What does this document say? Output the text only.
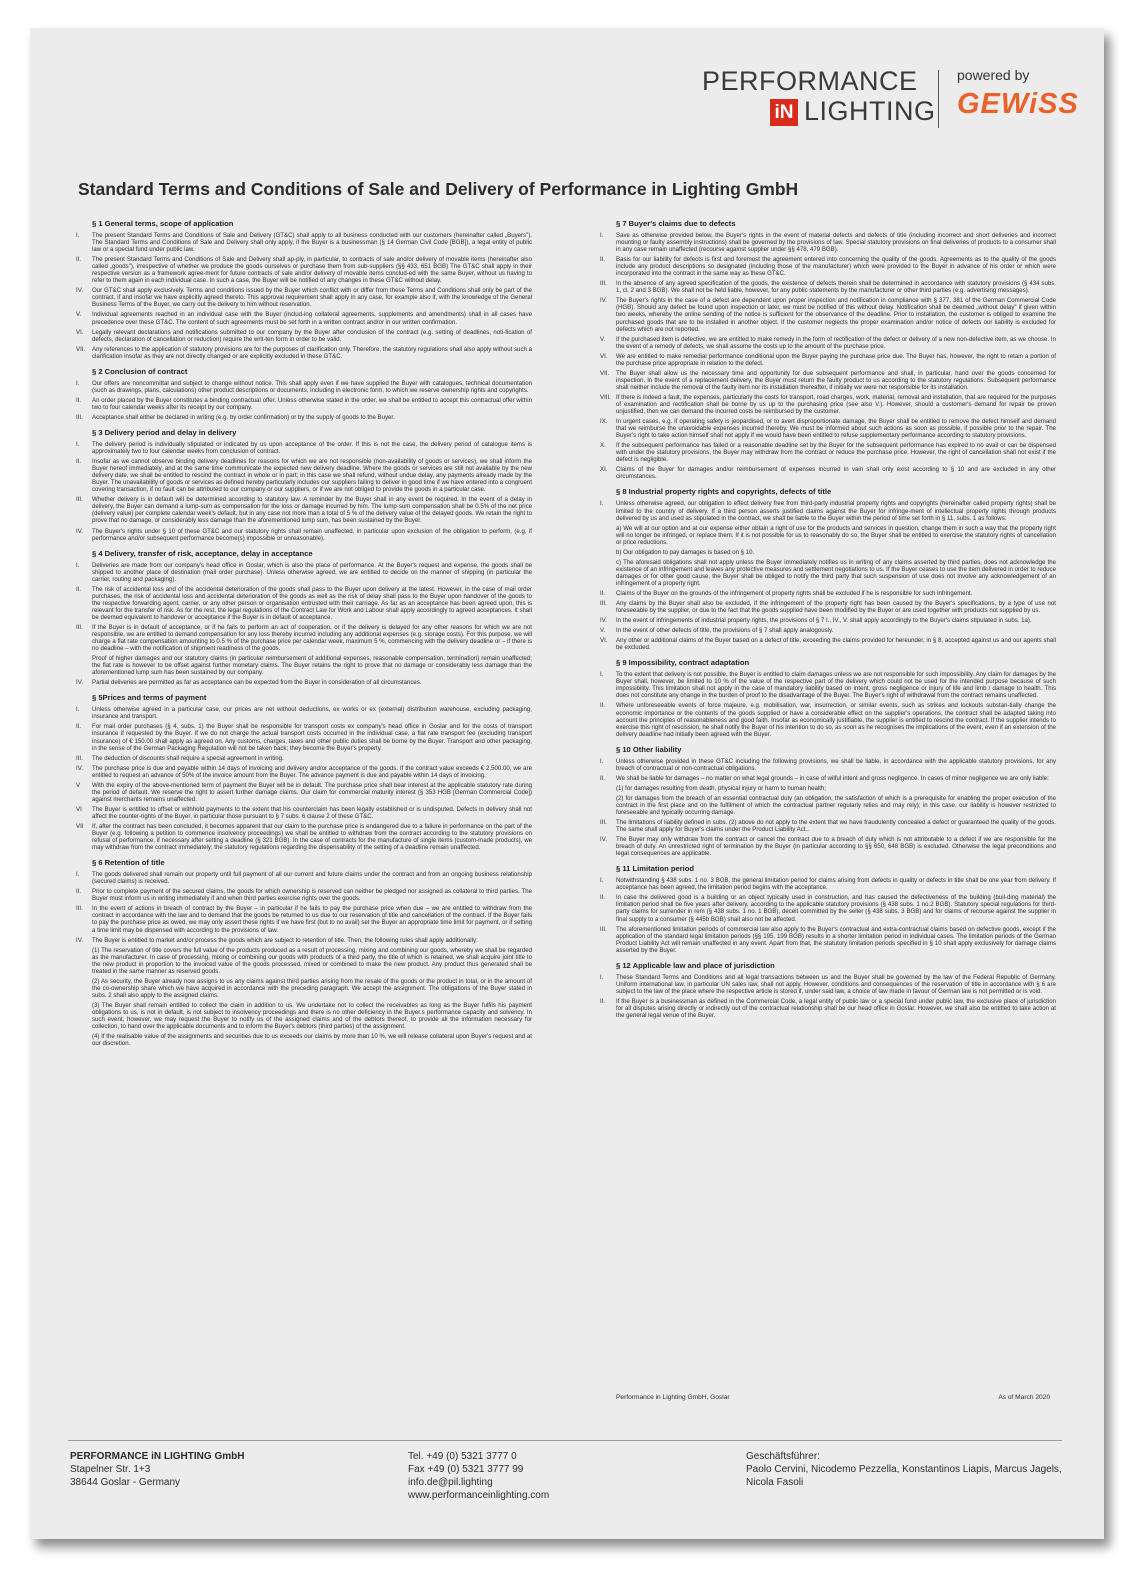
PERFORMANCE
iN LIGHTING
powered by
GEWiSS
Standard Terms and Conditions of Sale and Delivery of Performance in Lighting GmbH
§ 1 General terms, scope of application
I.	The present Standard Terms and Conditions of Sale and Delivery (GT&C) shall apply to all business conducted with our customers (hereinafter called „Buyers"). The Standard Terms and Conditions of Sale and Delivery shall only apply, if the Buyer is a businessman (§ 14 German Civil Code [BGB]), a legal entity of public law or a special fund under public law.
II.	The present Standard Terms and Conditions of Sale and Delivery shall ap-ply, in particular, to contracts of sale and/or delivery of movable items (hereinafter also called „goods"), irrespective of whether we produce the goods ourselves or purchase them from sub-suppliers (§§ 433, 651 BGB) The GT&C shall apply in their respective version as a framework agree-ment for future contracts of sale and/or delivery of movable items conclud-ed with the same Buyer, without us having to refer to them again in each individual case. In such a case, the Buyer will be notified of any changes in these GT&C without delay.
IV.	Our GT&C shall apply exclusively. Terms and conditions issued by the Buyer which conflict with or differ from these Terms and Conditions shall only be part of the contract, if and insofar we have explicitly agreed thereto. This approval requirement shall apply in any case, for example also if, with the knowledge of the General Business Terms of the Buyer, we carry out the delivery to him without reservation.
V.	Individual agreements reached in an individual case with the Buyer (includ-ing collateral agreements, supplements and amendments) shall in all cases have precedence over these GT&C. The content of such agreements must be set forth in a written contract and/or in our written confirmation.
VI.	Legally relevant declarations and notifications submitted to our company by the Buyer after conclusion of the contract (e.g. setting of deadlines, noti-fication of defects, declaration of cancellation or reduction) require the writ-ten form in order to be valid.
VII.	Any references to the application of statutory provisions are for the purposes of clarification only. Therefore, the statutory regulations shall also apply without such a clarification insofar as they are not directly changed or are explicitly excluded in these GT&C.
§ 2 Conclusion of contract
I.	Our offers are noncommittal and subject to change without notice. This shall apply even if we have supplied the Buyer with catalogues, technical documentation (such as drawings, plans, calculations) other product descriptions or documents, including in electronic form, to which we reserve ownership rights and copyrights.
II.	An order placed by the Buyer constitutes a binding contractual offer. Unless otherwise stated in the order, we shall be entitled to accept this contractual offer within two to four calendar weeks after its receipt by our company.
III.	Acceptance shall either be declared in writing (e.g. by order confirmation) or by the supply of goods to the Buyer.
§ 3 Delivery period and delay in delivery
I.	The delivery period is individually stipulated or indicated by us upon acceptance of the order. If this is not the case, the delivery period of catalogue items is approximately two to four calendar weeks from conclusion of contract.
II.	Insofar as we cannot observe binding delivery deadlines for reasons for which we are not responsible (non-availability of goods or services), we shall inform the Buyer hereof immediately, and at the same time communicate the expected new delivery deadline. Where the goods or services are still not available by the new delivery date, we shall be entitled to rescind the contract in whole or in part; in this case we shall refund, without undue delay, any payments already made by the Buyer. The unavailability of goods or services as defined hereby particularly includes our suppliers failing to deliver in good time if we have entered into a congruent covering transaction, if no fault can be attributed to our company or our suppliers, or if we are not obliged to provide the goods in a particular case.
III.	Whether delivery is in default will be determined according to statutory law. A reminder by the Buyer shall in any event be required. In the event of a delay in delivery, the Buyer can demand a lump-sum as compensation for the loss or damage incurred by him. The lump-sum compensation shall be 0.5% of the net price (delivery value) per complete calendar week's default, but in any case not more than a total of 5 % of the delivery value of the delayed goods. We retain the right to prove that no damage, or considerably less damage than the aforementioned lump sum, has been sustained by the Buyer.
IV.	The Buyer's rights under § 10 of these GT&C and our statutory rights shall remain unaffected, in particular upon exclusion of the obligation to perform, (e.g. if performance and/or subsequent performance become(s) impossible or unreasonable).
§ 4 Delivery, transfer of risk, acceptance, delay in acceptance
I.	Deliveries are made from our company's head office in Goslar, which is also the place of performance. At the Buyer's request and expense, the goods shall be shipped to another place of destination (mail order purchase). Unless otherwise agreed, we are entitled to decide on the manner of shipping (in particular the carrier, routing and packaging).
II.	The risk of accidental loss and of the accidental deterioration of the goods shall pass to the Buyer upon delivery at the latest. However, in the case of mail order purchases, the risk of accidental loss and accidental deterioration of the goods as well as the risk of delay shall pass to the Buyer upon handover of the goods to the respective forwarding agent, carrier, or any other person or organisation entrusted with their carriage. As far as an acceptance has been agreed upon, this is relevant for the transfer of risk. As for the rest, the legal regulations of the Contract Law for Work and Labour shall apply accordingly to agreed acceptances. It shall be deemed equivalent to handover or acceptance if the Buyer is in default of acceptance.
III.	If the Buyer is in default of acceptance, or if he fails to perform an act of cooperation, or if the delivery is delayed for any other reasons for which we are not responsible, we are entitled to demand compensation for any loss thereby incurred including any additional expenses (e.g. storage costs). For this purpose, we will charge a flat rate compensation amounting to 0.5 % of the purchase price per calendar week, maximum 5 %, commencing with the delivery deadline or – if there is no deadline – with the notification of shipment readiness of the goods.
Proof of higher damages and our statutory claims (in particular reimbursement of additional expenses, reasonable compensation, termination) remain unaffected; the flat rate is however to be offset against further monetary claims. The Buyer retains the right to prove that no damage or considerably less damage than the aforementioned lump sum has been sustained by our company.
IV.	Partial deliveries are permitted as far as acceptance can be expected from the Buyer in consideration of all circumstances.
§ 5Prices and terms of payment
I.	Unless otherwise agreed in a particular case, our prices are net without deductions, ex works or ex (external) distribution warehouse, excluding packaging, insurance and transport.
II.	For mail order purchases (§ 4, subs. 1) the Buyer shall be responsible for transport costs ex company's head office in Goslar and for the costs of transport insurance if requested by the Buyer. If we do not charge the actual transport costs occurred in the individual case, a flat rate transport fee (excluding transport insurance) of € 150.00 shall apply as agreed on. Any customs, charges, taxes and other public duties shall be borne by the Buyer. Transport and other packaging, in the sense of the German Packaging Regulation will not be taken back; they become the Buyer's property.
III.	The deduction of discounts shall require a special agreement in writing.
IV.	The purchase price is due and payable within 14 days of invoicing and delivery and/or acceptance of the goods. If the contract value exceeds € 2,500.00, we are entitled to request an advance of 50% of the invoice amount from the Buyer. The advance payment is due and payable within 14 days of invoicing.
V	With the expiry of the above-mentioned term of payment the Buyer will be in default. The purchase price shall bear interest at the applicable statutory rate during the period of default. We reserve the right to assert further damage claims. Our claim for commercial maturity interest (§ 353 HGB [German Commercial Code]) against merchants remains unaffected.
VI	The Buyer is entitled to offset or withhold payments to the extent that his counterclaim has been legally established or is undisputed. Defects in delivery shall not affect the counter-rights of the Buyer, in particular those pursuant to § 7 subs. 6 clause 2 of these GT&C.
VII	If, after the contract has been concluded, it becomes apparent that our claim to the purchase price is endangered due to a failure in performance on the part of the Buyer (e.g. following a petition to commence insolvency proceedings) we shall be entitled to withdraw from the contract according to the statutory provisions on refusal of performance, if necessary after setting a deadline (§ 321 BGB). In the case of contracts for the manufacture of single items (custom-made products), we may withdraw from the contract immediately; the statutory regulations regarding the dispensability of the setting of a deadline remain unaffected.
§ 6 Retention of title
I.	The goods delivered shall remain our property until full payment of all our current and future claims under the contract and from an ongoing business relationship (secured claims) is received.
II.	Prior to complete payment of the secured claims, the goods for which ownership is reserved can neither be pledged nor assigned as collateral to third parties. The Buyer must inform us in writing immediately if and when third parties exercise rights over the goods.
III.	In the event of actions in breach of contract by the Buyer – in particular if he fails to pay the purchase price when due – we are entitled to withdraw from the contract in accordance with the law and to demand that the goods be returned to us due to our reservation of title and cancellation of the contract. If the Buyer fails to pay the purchase price as owed, we may only assert these rights if we have first (but to no avail) set the Buyer an appropriate time limit for payment, or if setting a time limit may be dispensed with according to the provisions of law.
IV.	The Buyer is entitled to market and/or process the goods which are subject to retention of title. Then, the following rules shall apply additionally:
(1) The reservation of title covers the full value of the products produced as a result of processing, mixing and combining our goods, whereby we shall be regarded as the manufacturer. In case of processing, mixing or combining our goods with products of a third party, the title of which is retained, we shall acquire joint title to the new product in proportion to the invoiced value of the goods processed, mixed or combined to make the new product. Any product thus generated shall be treated in the same manner as reserved goods.
(2) As security, the Buyer already now assigns to us any claims against third parties arising from the resale of the goods or the product in total, or in the amount of the co-ownership share which we have acquired in accordance with the preceding paragraph. We accept the assignment. The obligations of the Buyer stated in subs. 2 shall also apply to the assigned claims.
(3) The Buyer shall remain entitled to collect the claim in addition to us. We undertake not to collect the receivables as long as the Buyer fulfils his payment obligations to us, is not in default, is not subject to insolvency proceedings and there is no other deficiency in the Buyer.s performance capacity and solvency. In such event, however, we may request the Buyer to notify us of the assigned claims and of the debtors thereof, to provide all the information necessary for collection, to hand over the applicable documents and to inform the Buyer's debtors (third parties) of the assignment.
(4) If the realisable value of the assignments and securities due to us exceeds our claims by more than 10 %, we will release collateral upon Buyer's request and at our discretion.
§ 7 Buyer's claims due to defects
I.	Save as otherwise provided below, the Buyer's rights in the event of material defects and defects of title (including incorrect and short deliveries and incorrect mounting or faulty assembly instructions) shall be governed by the provisions of law. Special statutory provisions on final deliveries of products to a consumer shall in any case remain unaffected (recourse against supplier under §§ 478, 479 BGB).
II.	Basis for our liability for defects is first and foremost the agreement entered into concerning the quality of the goods. Agreements as to the quality of the goods include any product descriptions so designated (including those of the manufacturer) which were provided to the Buyer in advance of his order or which were incorporated into the contract in the same way as these GT&C.
III.	In the absence of any agreed specification of the goods, the existence of defects therein shall be determined in accordance with statutory provisions (§ 434 subs. 1, cl. 2 and 3 BGB). We shall not be held liable, however, for any public statements by the manufacturer or other third parties (e.g. advertising messages).
IV.	The Buyer's rights in the case of a defect are dependent upon proper inspection and notification in compliance with § 377, 381 of the German Commercial Code (HGB). Should any defect be found upon inspection or later, we must be notified of this without delay. Notification shall be deemed „without delay" if given within two weeks, whereby the online sending of the notice is sufficient for the observance of the deadline. Prior to installation, the customer is obliged to examine the purchased goods that are to be installed in another object. If the customer neglects the proper examination and/or notice of defects our liability is excluded for defects which are not reported.
V.	If the purchased item is defective, we are entitled to make remedy in the form of rectification of the defect or delivery of a new non-defective item, as we choose. In the event of a remedy of defects, we shall assume the costs up to the amount of the purchase price.
VI.	We are entitled to make remedial performance conditional upon the Buyer paying the purchase price due. The Buyer has, however, the right to retain a portion of the purchase price appropriate in relation to the defect.
VII.	The Buyer shall allow us the necessary time and opportunity for due subsequent performance and shall, in particular, hand over the goods concerned for inspection. In the event of a replacement delivery, the Buyer must return the faulty product to us according to the statutory regulations. Subsequent performance shall neither include the removal of the faulty item nor its installation thereafter, if initially we were not responsible for its installation.
VIII. If there is indeed a fault, the expenses, particularly the costs for transport, road charges, work, material, removal and installation, that are required for the purposes of examination and rectification shall be borne by us up to the purchasing price (see also V.). However, should a customer's demand for repair be proven unjustified, then we can demand the incurred costs be reimbursed by the customer.
IX.	In urgent cases, e.g. if operating safety is jeopardised, or to avert disproportionate damage, the Buyer shall be entitled to remove the defect himself and demand that we reimburse the unavoidable expenses incurred thereby. We must be informed about such actions as soon as possible, if possible prior to the repair. The Buyer's right to take action himself shall not apply if we would have been entitled to refuse supplementary performance according to statutory provisions.
X.	If the subsequent performance has failed or a reasonable deadline set by the Buyer for the subsequent performance has expired to no avail or can be dispensed with under the statutory provisions, the Buyer may withdraw from the contract or reduce the purchase price. However, the right of cancellation shall not exist if the defect is negligible.
XI.	Claims of the Buyer for damages and/or reimbursement of expenses incurred in vain shall only exist according to § 10 and are excluded in any other circumstances.
§ 8 Industrial property rights and copyrights, defects of title
I.	Unless otherwise agreed, our obligation to effect delivery free from third-party industrial property rights and copyrights (hereinafter called property rights) shall be limited to the country of delivery. If a third person asserts justified claims against the Buyer for infringe-ment of intellectual property rights through products delivered by us and used as stipulated in the contract, we shall be liable to the Buyer within the period of time set forth in § 11, subs. 1 as follows:
a) We will at our option and at our expense either obtain a right of use for the products and services in question, change them in such a way that the property right will no longer be infringed, or replace them. If it is not possible for us to reasonably do so, the Buyer shall be entitled to exercise the statutory rights of cancellation or price reductions.
b) Our obligation to pay damages is based on § 10.
c) The aforesaid obligations shall not apply unless the Buyer immediately notifies us in writing of any claims asserted by third parties, does not acknowledge the existence of an infringement and leaves any protective measures and settlement negotiations to us. If the Buyer ceases to use the item delivered in order to reduce damages or for other good cause, the Buyer shall be obliged to notify the third party that such suspension of use does not involve any acknowledgement of an infringement of a property right.
II.	Claims of the Buyer on the grounds of the infringement of property rights shall be excluded if he is responsible for such infringement.
III.	Any claims by the Buyer shall also be excluded, if the infringement of the property right has been caused by the Buyer's specifications, by a type of use not foreseeable by the supplier, or due to the fact that the goods supplied have been modified by the Buyer or are used together with products not supplied by us.
IV.	In the event of infringements of industrial property rights, the provisions of § 7 I., IV., V. shall apply accordingly to the Buyer's claims stipulated in subs. 1a).
V.	In the event of other defects of title, the provisions of § 7 shall apply analogously.
VI.	Any other or additional claims of the Buyer based on a defect of title, exceeding the claims provided for hereunder, in § 8, accepted against us and our agents shall be excluded.
§ 9 Impossibility, contract adaptation
I.	To the extent that delivery is not possible, the Buyer is entitled to claim damages unless we are not responsible for such impossibility. Any claim for damages by the Buyer shall, however, be limited to 10 % of the value of the respective part of the delivery which could not be used for the intended purpose because of such impossibility. This limitation shall not apply in the case of mandatory liability based on intent, gross negligence or injury of life and limb / damage to health. This does not constitute any change in the burden of proof to the disadvantage of the Buyer. The Buyer's right of withdrawal from the contract remains unaffected.
II.	Where unforeseeable events of force majeure, e.g. mobilisation, war, insurrection, or similar events, such as strikes and lockouts substan-tially change the economic importance or the contents of the goods supplied or have a considerable effect on the supplier's operations, the contract shall be adapted taking into account the principles of reasonableness and good faith. Insofar as economically justifiable, the supplier is entitled to rescind the contract. If the supplier intends to exercise this right of rescission, he shall notify the Buyer of his intention to do so, as soon as he recognises the implications of the event, even if an extension of the delivery deadline had initially been agreed with the Buyer.
§ 10 Other liability
I.	Unless otherwise provided in these GT&C including the following provisions, we shall be liable, in accordance with the applicable statutory provisions, for any breach of contractual or non-contractual obligations.
II.	We shall be liable for damages – no matter on what legal grounds – in case of wilful intent and gross negligence. In cases of minor negligence we are only liable:
(1) for damages resulting from death, physical injury or harm to human health;
(2) for damages from the breach of an essential contractual duty (an obligation, the satisfaction of which is a prerequisite for enabling the proper execution of the contract in the first place and on the fulfilment of which the contractual partner regularly relies and may rely); in this case, our liability is however restricted to foreseeable and typically occurring damage.
III.	The limitations of liability defined in subs. (2) above do not apply to the extent that we have fraudulently concealed a defect or guaranteed the quality of the goods. The same shall apply for Buyer's claims under the Product Liability Act..
IV.	The Buyer may only withdraw from the contract or cancel the contract due to a breach of duty which is not attributable to a defect if we are responsible for the breach of duty. An unrestricted right of termination by the Buyer (in particular according to §§ 650, 648 BGB) is excluded. Otherwise the legal preconditions and legal consequences are applicable.
§ 11 Limitation period
I.	Notwithstanding § 438 subs. 1 no. 3 BGB, the general limitation period for claims arising from defects in quality or defects in title shall be one year from delivery. If acceptance has been agreed, the limitation period begins with the acceptance.
II.	In case the delivered good is a building or an object typically used in construction, and has caused the defectiveness of the building (buil-ding material) the limitation period shall be five years after delivery, according to the applicable statutory provisions (§ 438 subs. 1 no.2 BGB). Statutory special regulations for third-party claims for surrender in rem (§ 438 subs. 1 no. 1 BGB), deceit committed by the seller (§ 438 subs. 3 BGB) and for claims of recourse against the supplier in final supply to a consumer (§ 445b BGB) shall also not be affected.
III.	The aforementioned limitation periods of commercial law also apply to the Buyer's contractual and extra-contractual claims based on defective goods, except if the application of the standard legal limitation periods (§§ 195, 199 BGB) results in a shorter limitation period in individual cases. The limitation periods of the German Product Liability Act will remain unaffected in any event. Apart from that, the statutory limitation periods specified in § 10 shall apply exclusively for damage claims asserted by the Buyer.
§ 12 Applicable law and place of jurisdiction
I.	These Standard Terms and Conditions and all legal transactions between us and the Buyer shall be governed by the law of the Federal Republic of Germany. Uniform international law, in particular UN sales law, shall not apply. However, conditions and consequences of the reservation of title in accordance with § 6 are subject to the law of the place where the respective article is stored if, under said law, a choice of law made in favour of German law is not permitted or is void.
II.	If the Buyer is a businessman as defined in the Commercial Code, a legal entity of public law or a special fund under public law, the exclusive place of jurisdiction for all disputes arising directly or indirectly out of the contractual relationship shall be our head office in Goslar. However, we shall also be entitled to take action at the general legal venue of the Buyer.
Performance in Lighting GmbH, Goslar	As of March 2020
PERFORMANCE iN LIGHTING GmbH
Stapelner Str. 1+3
38644 Goslar - Germany
Tel. +49 (0) 5321 3777 0
Fax +49 (0) 5321 3777 99
info.de@pil.lighting
www.performanceinlighting.com
Geschäftsführer:
Paolo Cervini, Nicodemo Pezzella, Konstantinos Liapis, Marcus Jagels,
Nicola Fasoli
